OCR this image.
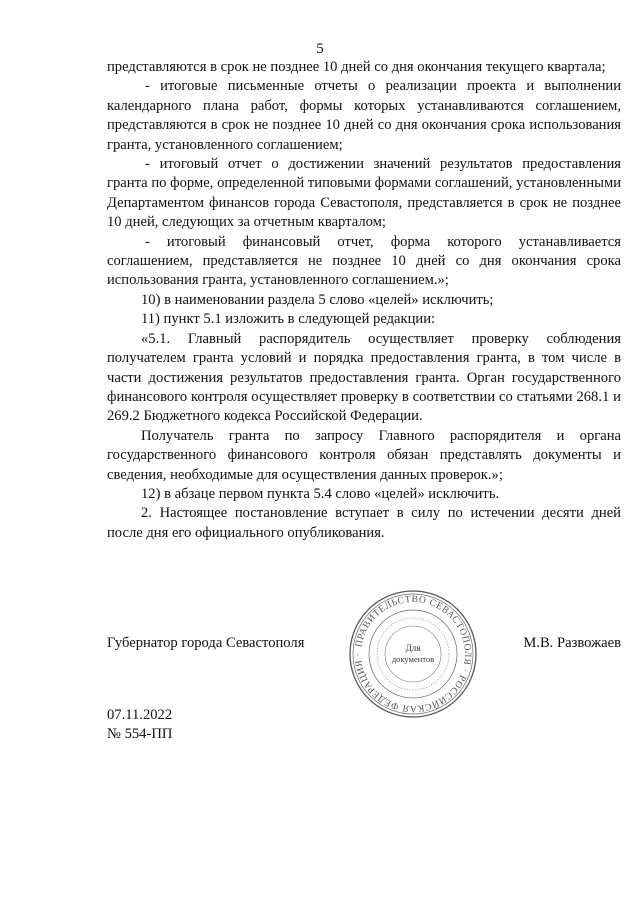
5

представляются в срок не позднее 10 дней со дня окончания текущего квартала;

- итоговые письменные отчеты о реализации проекта и выполнении календарного плана работ, формы которых устанавливаются соглашением, представляются в срок не позднее 10 дней со дня окончания срока использования гранта, установленного соглашением;

- итоговый отчет о достижении значений результатов предоставления гранта по форме, определенной типовыми формами соглашений, установленными Департаментом финансов города Севастополя, представляется в срок не позднее 10 дней, следующих за отчетным кварталом;

- итоговый финансовый отчет, форма которого устанавливается соглашением, представляется не позднее 10 дней со дня окончания срока использования гранта, установленного соглашением.»;

10) в наименовании раздела 5 слово «целей» исключить;

11) пункт 5.1 изложить в следующей редакции:

«5.1. Главный распорядитель осуществляет проверку соблюдения получателем гранта условий и порядка предоставления гранта, в том числе в части достижения результатов предоставления гранта. Орган государственного финансового контроля осуществляет проверку в соответствии со статьями 268.1 и 269.2 Бюджетного кодекса Российской Федерации.

Получатель гранта по запросу Главного распорядителя и органа государственного финансового контроля обязан представлять документы и сведения, необходимые для осуществления данных проверок.»;

12) в абзаце первом пункта 5.4 слово «целей» исключить.

2. Настоящее постановление вступает в силу по истечении десяти дней после дня его официального опубликования.

Губернатор города Севастополя	ПРАВИТЕЛЬСТВО СЕВАСТОПОЛЯ · РОССИЙСКАЯ ФЕДЕРАЦИЯ ·
Для
документов
М.В. Развожаев
07.11.2022
№ 554-ПП
